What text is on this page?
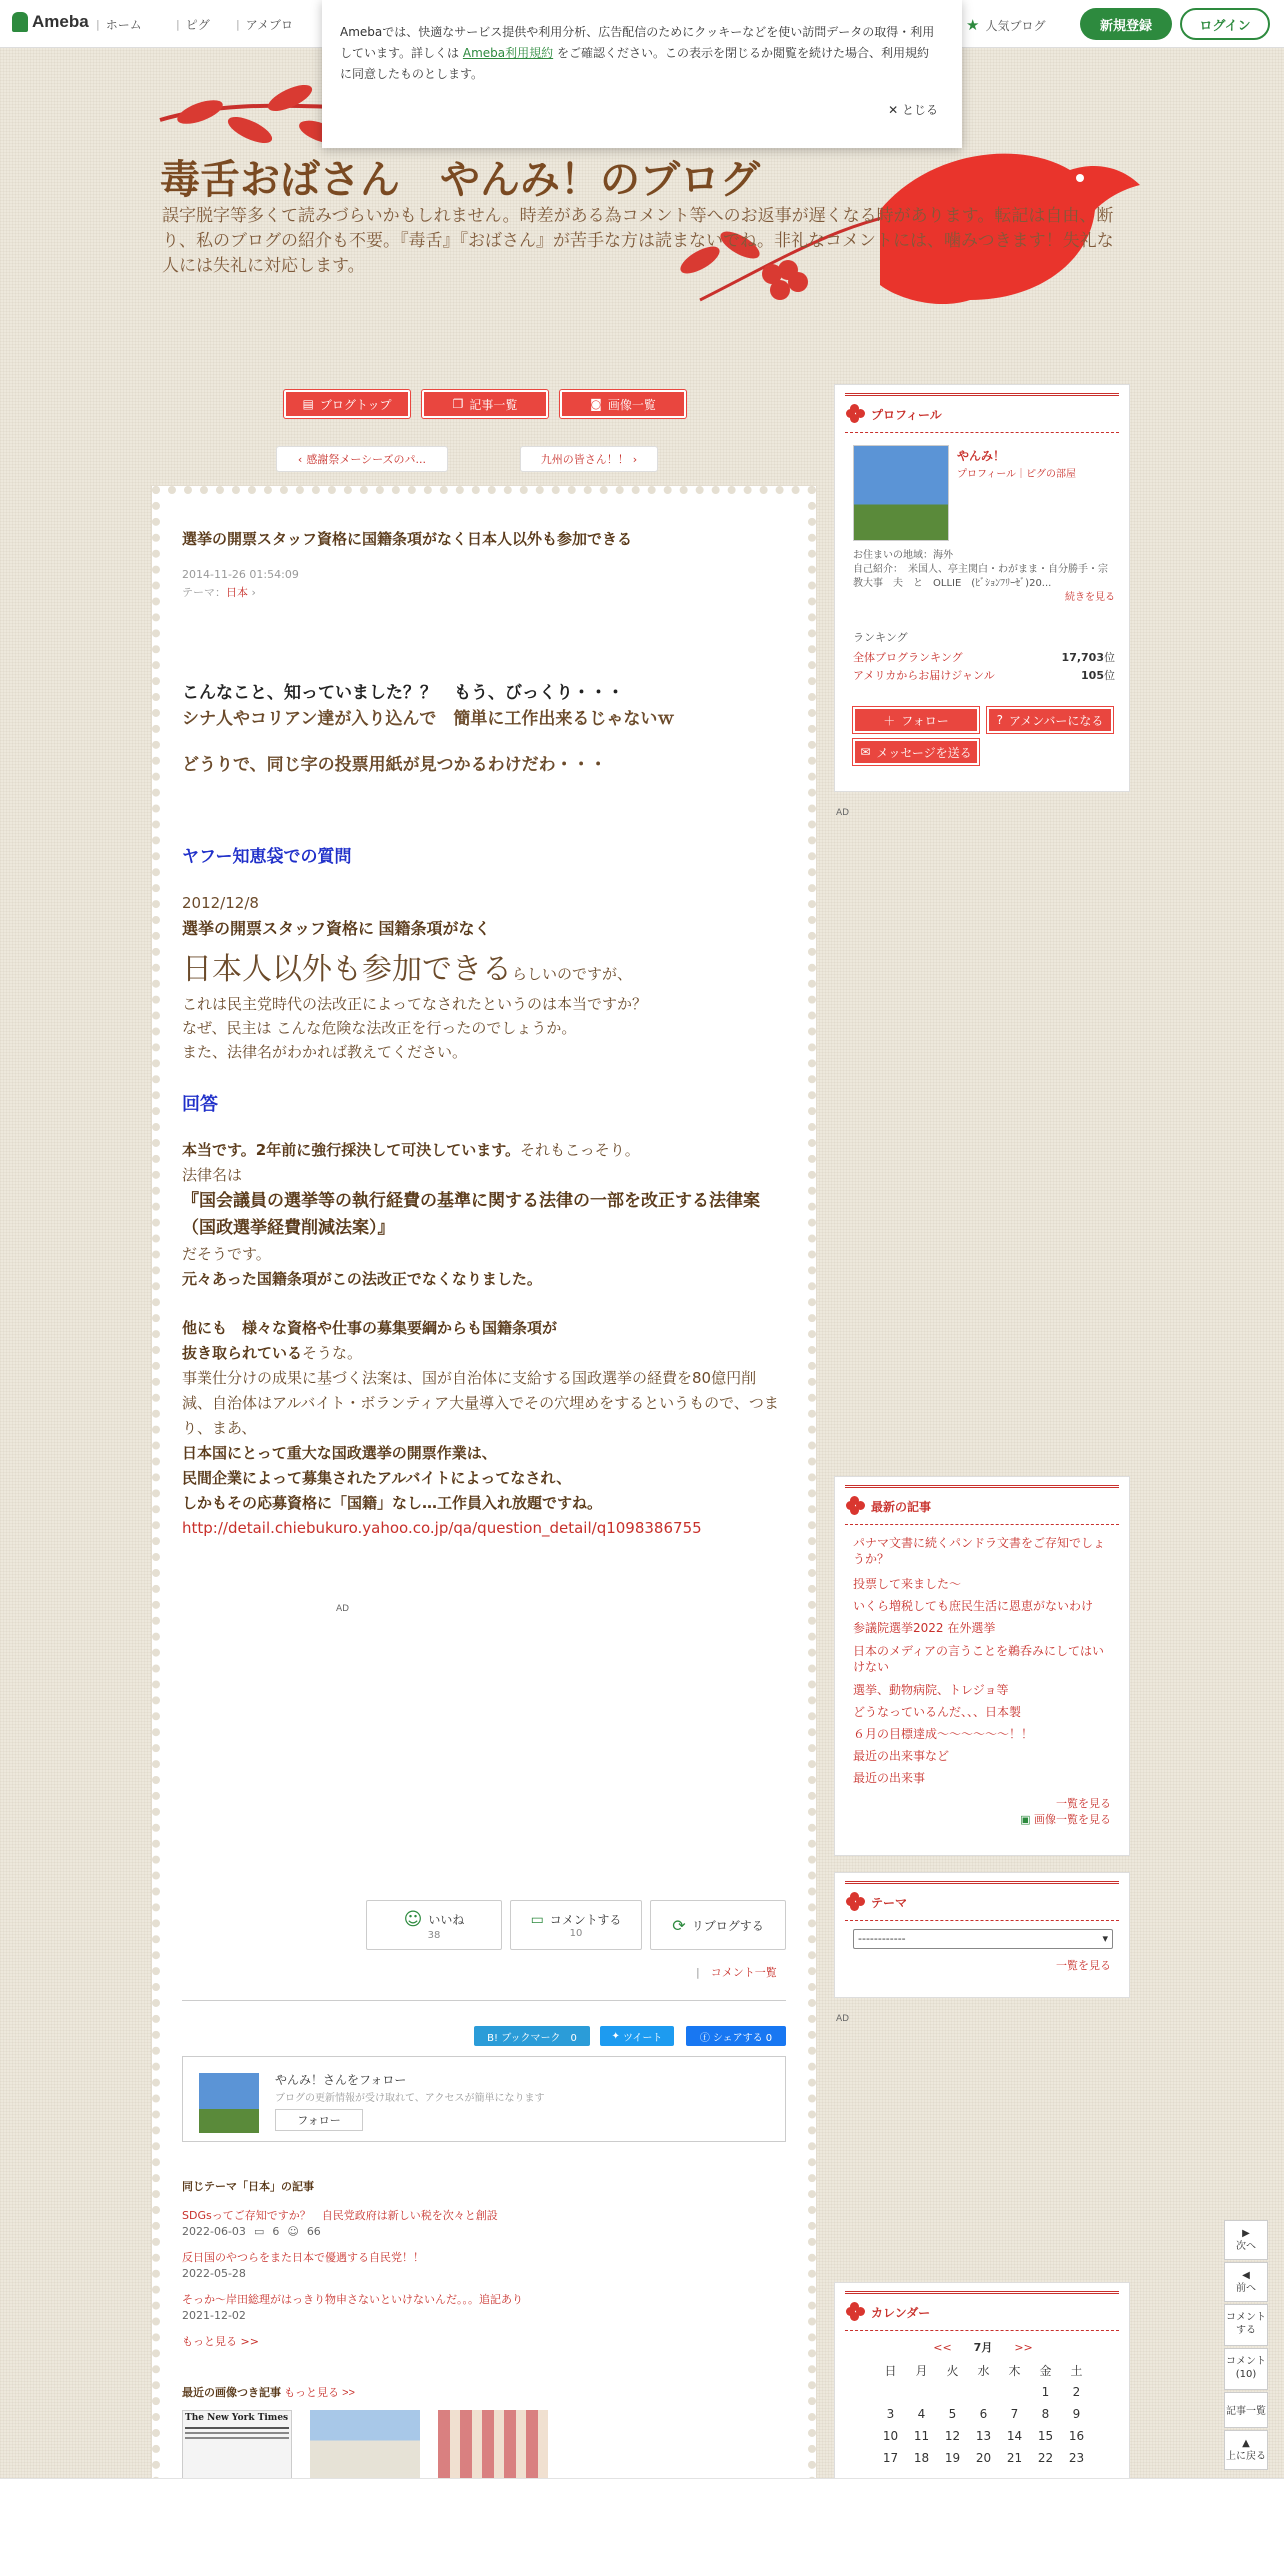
Ameba | ホーム	| ピグ | アメブロ	★ 人気ブログ	新規登録	ログイン
Amebaでは、快適なサービス提供や利用分析、広告配信のためにクッキーなどを使い訪問データの取得・利用しています。詳しくは Ameba利用規約 をご確認ください。この表示を閉じるか閲覧を続けた場合、利用規約に同意したものとします。
✕ とじる
毒舌おばさん　やんみ！のブログ
誤字脱字等多くて読みづらいかもしれません。時差がある為コメント等へのお返事が遅くなる時があります。転記は自由、断り、私のブログの紹介も不要。『毒舌』『おばさん』が苦手な方は読まないでね。非礼なコメントには、噛みつきます！失礼な人には失礼に対応します。
▤ ブログトップ	❐ 記事一覧	◙ 画像一覧
‹ 感謝祭メーシーズのパ...	九州の皆さん！！ ›
選挙の開票スタッフ資格に国籍条項がなく日本人以外も参加できる
2014-11-26 01:54:09
テーマ：日本 ›
こんなこと、知っていました？？　もう、びっくり・・・
シナ人やコリアン達が入り込んで　簡単に工作出来るじゃないｗ
どうりで、同じ字の投票用紙が見つかるわけだわ・・・
ヤフー知恵袋での質問
2012/12/8
選挙の開票スタッフ資格に 国籍条項がなく
日本人以外も参加できるらしいのですが、
これは民主党時代の法改正によってなされたというのは本当ですか？
なぜ、民主は こんな危険な法改正を行ったのでしょうか。
また、法律名がわかれば教えてください。
回答
本当です。2年前に強行採決して可決しています。それもこっそり。
法律名は
『国会議員の選挙等の執行経費の基準に関する法律の一部を改正する法律案（国政選挙経費削減法案）』
だそうです。
元々あった国籍条項がこの法改正でなくなりました。
他にも　様々な資格や仕事の募集要綱からも国籍条項が
抜き取られているそうな。
事業仕分けの成果に基づく法案は、国が自治体に支給する国政選挙の経費を80億円削減、自治体はアルバイト・ボランティア大量導入でその穴埋めをするというもので、つまり、まあ、
日本国にとって重大な国政選挙の開票作業は、
民間企業によって募集されたアルバイトによってなされ、
しかもその応募資格に「国籍」なし…工作員入れ放題ですね。
http://detail.chiebukuro.yahoo.co.jp/qa/question_detail/q1098386755
AD
☺ いいね
38
▭ コメントする
10	⟳ リブログする
|　コメント一覧
B! ブックマーク　0	✦ ツイート	ⓕ シェアする 0
やんみ！さんをフォロー
ブログの更新情報が受け取れて、アクセスが簡単になります
フォロー
同じテーマ「日本」の記事
SDGsってご存知ですか？　自民党政府は新しい税を次々と創設
2022-06-03 ▭ 6 ☺ 66
反日国のやつらをまた日本で優遇する自民党！！
2022-05-28
そっか〜岸田総理がはっきり物申さないといけないんだ。。。追記あり
2021-12-02
もっと見る >>
最近の画像つき記事 もっと見る >>
The New York Times
プロフィール
やんみ！
プロフィール｜ピグの部屋
お住まいの地域：海外
自己紹介：　米国人、亭主関白・わがまま・自分勝手・宗教大事　夫　と　OLLIE　(ﾋﾞｼｮﾝﾌﾘｰｾﾞ)20...
続きを見る
ランキング
全体ブログランキング	17,703位
アメリカからお届けジャンル	105位
＋ フォロー	? アメンバーになる
✉ メッセージを送る
AD
最新の記事
パナマ文書に続くパンドラ文書をご存知でしょうか？
投票して来ました〜
いくら増税しても庶民生活に恩恵がないわけ
参議院選挙2022 在外選挙
日本のメディアの言うことを鵜呑みにしてはいけない
選挙、動物病院、トレジョ等
どうなっているんだ、、、日本製
６月の目標達成〜〜〜〜〜〜！！
最近の出来事など
最近の出来事
一覧を見る
▣ 画像一覧を見る
テーマ
------------	▾
一覧を見る
AD
カレンダー
<<　　 7月　　 >>
日	月	火	水	木	金	土
					1	2
3	4	5	6	7	8	9
10	11	12	13	14	15	16
17	18	19	20	21	22	23
▶
次へ
◀
前へ
コメントする
コメント(10)
記事一覧
▲
上に戻る
